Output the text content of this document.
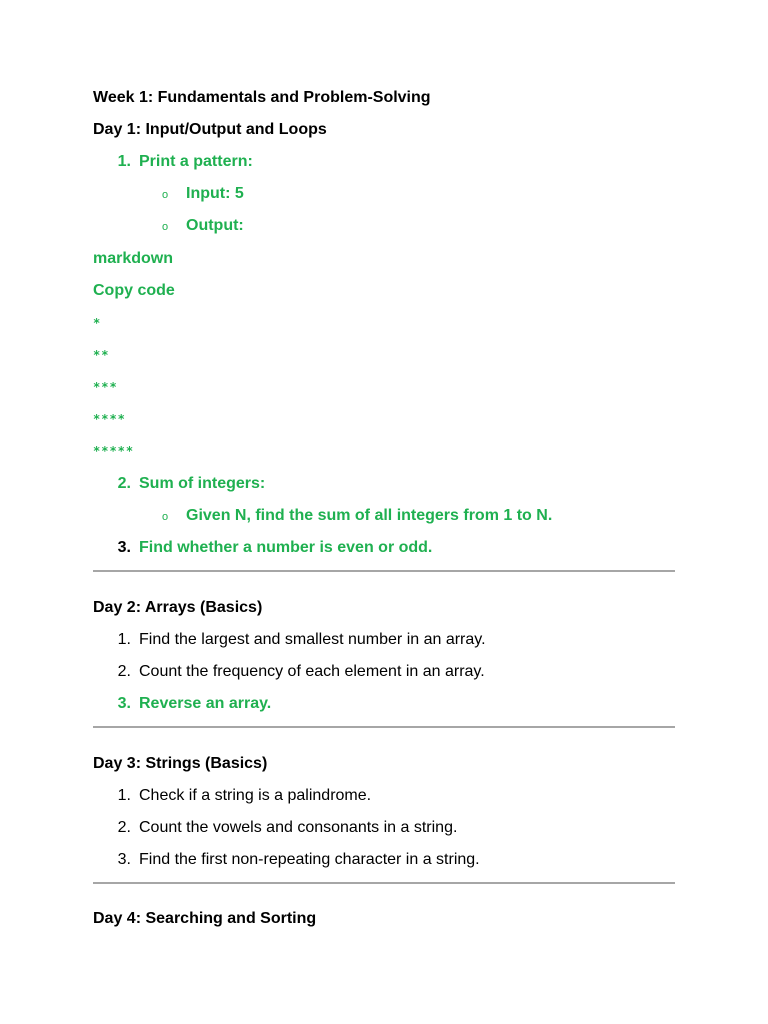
Week 1: Fundamentals and Problem-Solving
Day 1: Input/Output and Loops
1. Print a pattern:
o Input: 5
o Output:
markdown
Copy code
*
**
***
****
*****
2. Sum of integers:
o Given N, find the sum of all integers from 1 to N.
3. Find whether a number is even or odd.
Day 2: Arrays (Basics)
1. Find the largest and smallest number in an array.
2. Count the frequency of each element in an array.
3. Reverse an array.
Day 3: Strings (Basics)
1. Check if a string is a palindrome.
2. Count the vowels and consonants in a string.
3. Find the first non-repeating character in a string.
Day 4: Searching and Sorting
